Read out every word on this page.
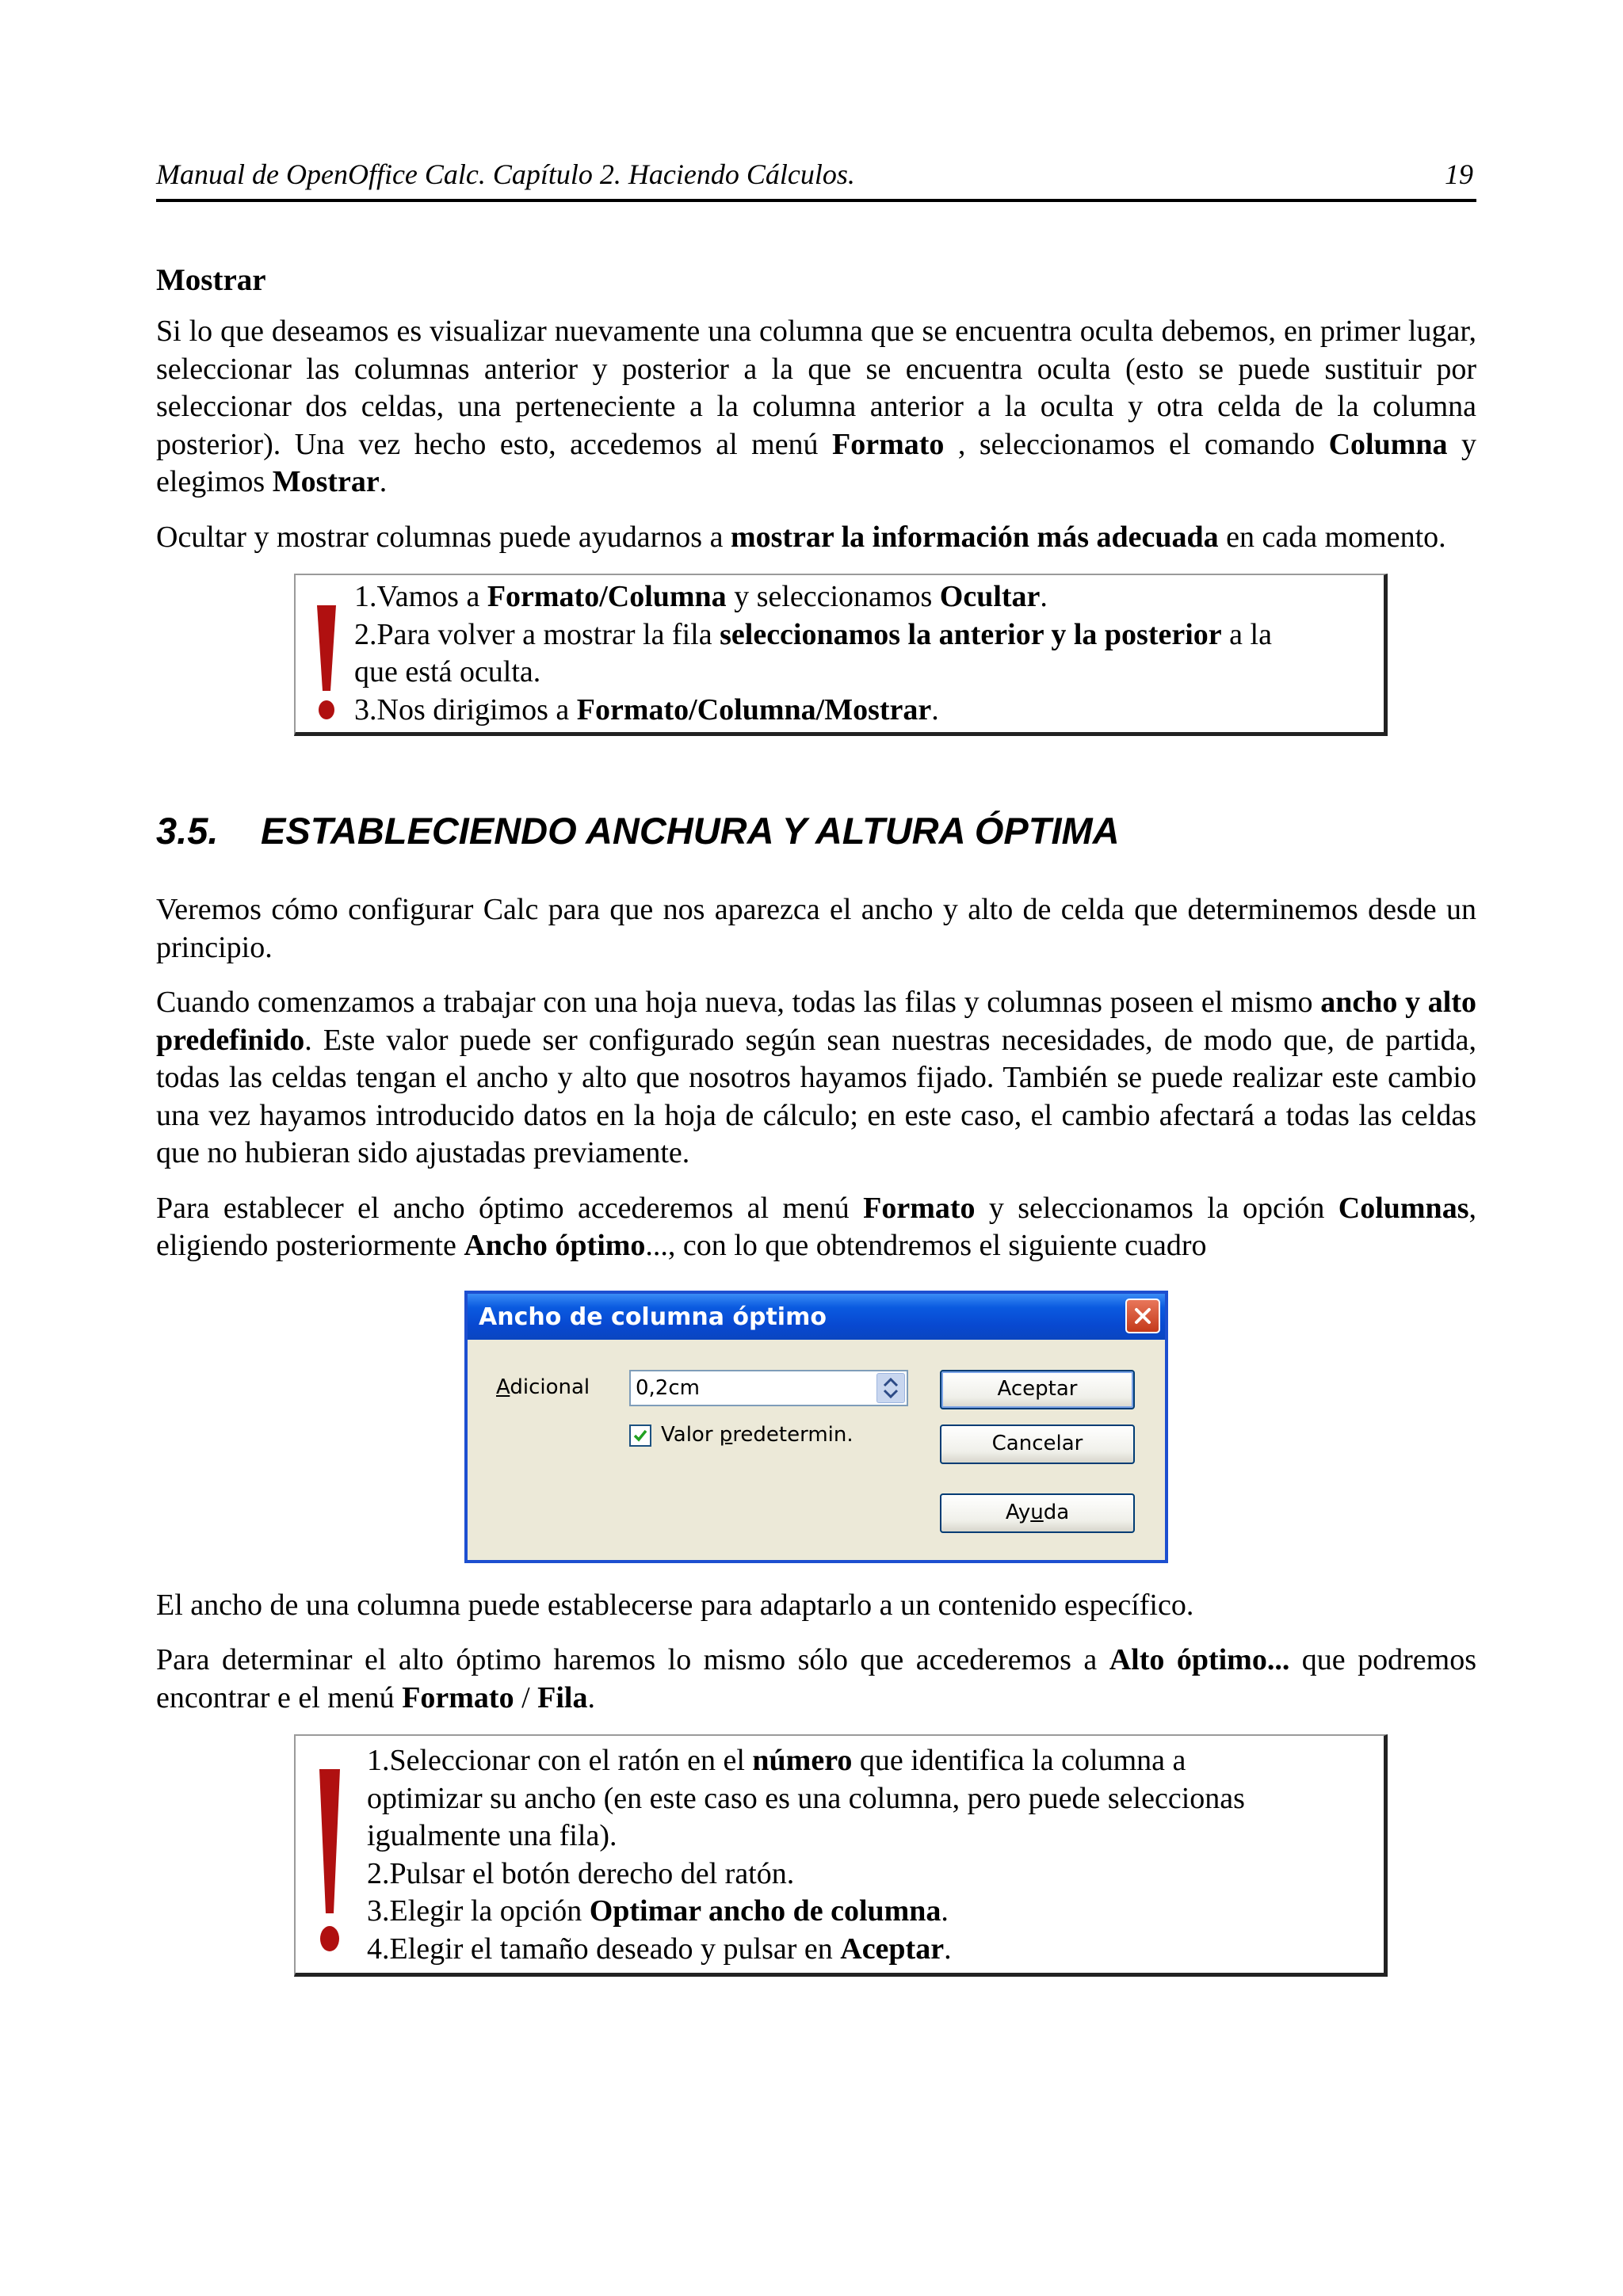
Manual de OpenOffice Calc. Capítulo 2. Haciendo Cálculos.	19
Mostrar

Si lo que deseamos es visualizar nuevamente una columna que se encuentra oculta debemos, en primer lugar, seleccionar las columnas anterior y posterior a la que se encuentra oculta (esto se puede sustituir por seleccionar dos celdas, una perteneciente a la columna anterior a la oculta y otra celda de la columna posterior). Una vez hecho esto, accedemos al menú Formato , seleccionamos el comando Columna y elegimos Mostrar.

Ocultar y mostrar columnas puede ayudarnos a mostrar la información más adecuada en cada momento.

1.Vamos a Formato/Columna y seleccionamos Ocultar.
2.Para volver a mostrar la fila seleccionamos la anterior y la posterior a la
que está oculta.
3.Nos dirigimos a Formato/Columna/Mostrar.
3.5. ESTABLECIENDO ANCHURA Y ALTURA ÓPTIMA

Veremos cómo configurar Calc para que nos aparezca el ancho y alto de celda que determinemos desde un principio.

Cuando comenzamos a trabajar con una hoja nueva, todas las filas y columnas poseen el mismo ancho y alto predefinido. Este valor puede ser configurado según sean nuestras necesidades, de modo que, de partida, todas las celdas tengan el ancho y alto que nosotros hayamos fijado. También se puede realizar este cambio una vez hayamos introducido datos en la hoja de cálculo; en este caso, el cambio afectará a todas las celdas que no hubieran sido ajustadas previamente.

Para establecer el ancho óptimo accederemos al menú Formato y seleccionamos la opción Columnas, eligiendo posteriormente Ancho óptimo..., con lo que obtendremos el siguiente cuadro

Ancho de columna óptimo
Adicional 0,2cm
Valor predetermin.
Aceptar
Cancelar
Ayuda

El ancho de una columna puede establecerse para adaptarlo a un contenido específico.

Para determinar el alto óptimo haremos lo mismo sólo que accederemos a Alto óptimo... que podremos encontrar e el menú Formato / Fila.

1.Seleccionar con el ratón en el número que identifica la columna a
optimizar su ancho (en este caso es una columna, pero puede seleccionas
igualmente una fila).
2.Pulsar el botón derecho del ratón.
3.Elegir la opción Optimar ancho de columna.
4.Elegir el tamaño deseado y pulsar en Aceptar.
